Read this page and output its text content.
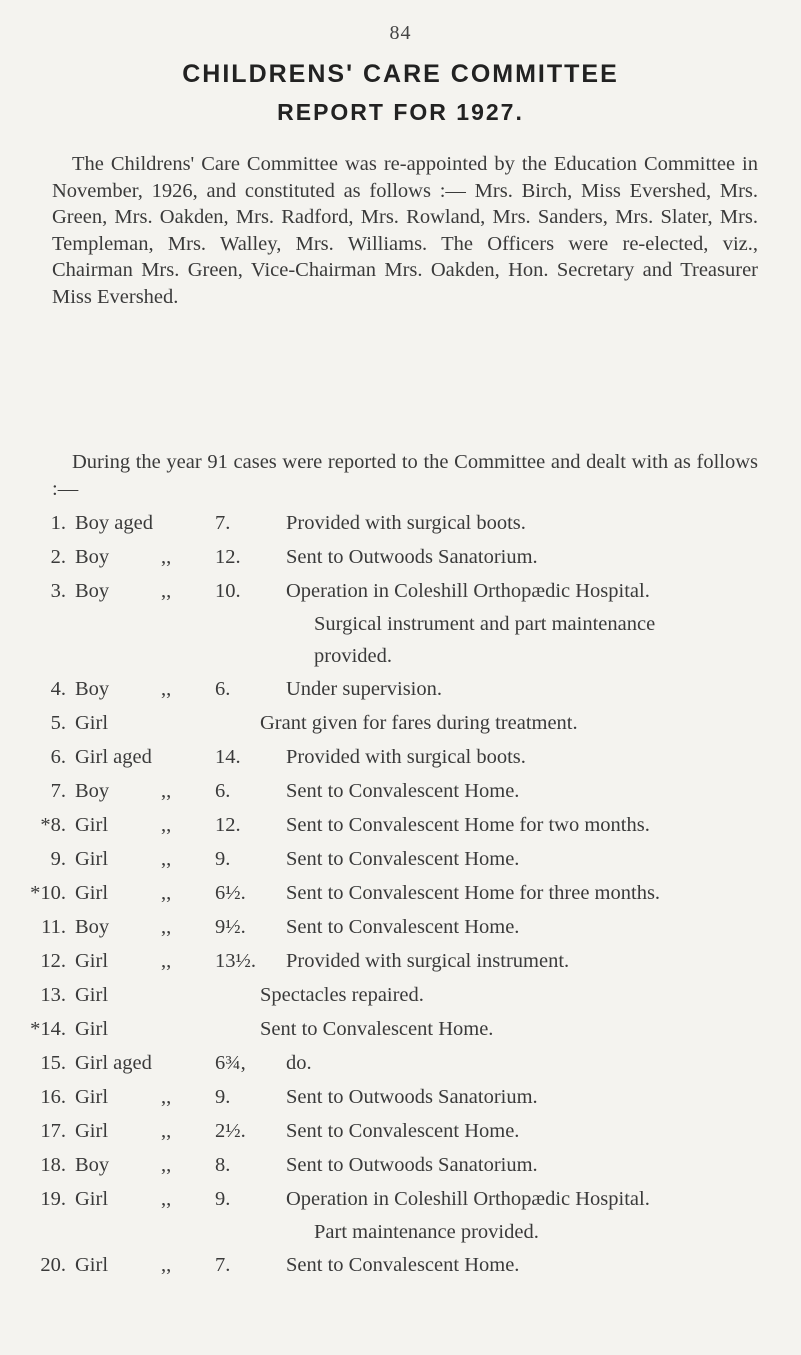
84
CHILDRENS' CARE COMMITTEE
REPORT FOR 1927.
The Childrens' Care Committee was re-appointed by the Education Committee in November, 1926, and constituted as follows :— Mrs. Birch, Miss Evershed, Mrs. Green, Mrs. Oakden, Mrs. Radford, Mrs. Rowland, Mrs. Sanders, Mrs. Slater, Mrs. Templeman, Mrs. Walley, Mrs. Williams. The Officers were re-elected, viz., Chairman Mrs. Green, Vice-Chairman Mrs. Oakden, Hon. Secretary and Treasurer Miss Evershed.
During the year 91 cases were reported to the Committee and dealt with as follows :—
1. Boy aged	7.	Provided with surgical boots.
2. Boy	,, 12.	Sent to Outwoods Sanatorium.
3. Boy	,, 10.	Operation in Coleshill Orthopædic Hospital.
Surgical instrument and part maintenance
provided.
4. Boy	,, 6.	Under supervision.
5. Girl	Grant given for fares during treatment.
6. Girl aged	14.	Provided with surgical boots.
7. Boy	,, 6.	Sent to Convalescent Home.
*8. Girl	,, 12.	Sent to Convalescent Home for two months.
9. Girl	,, 9.	Sent to Convalescent Home.
*10. Girl	,, 6½.	Sent to Convalescent Home for three months.
11. Boy	,, 9½.	Sent to Convalescent Home.
12. Girl	,, 13½.	Provided with surgical instrument.
13. Girl	Spectacles repaired.
*14. Girl	Sent to Convalescent Home.
15. Girl aged	6¾,	do.
16. Girl	,, 9.	Sent to Outwoods Sanatorium.
17. Girl	,, 2½.	Sent to Convalescent Home.
18. Boy	,, 8.	Sent to Outwoods Sanatorium.
19. Girl	,, 9.	Operation in Coleshill Orthopædic Hospital.
Part maintenance provided.
20. Girl	,, 7.	Sent to Convalescent Home.
